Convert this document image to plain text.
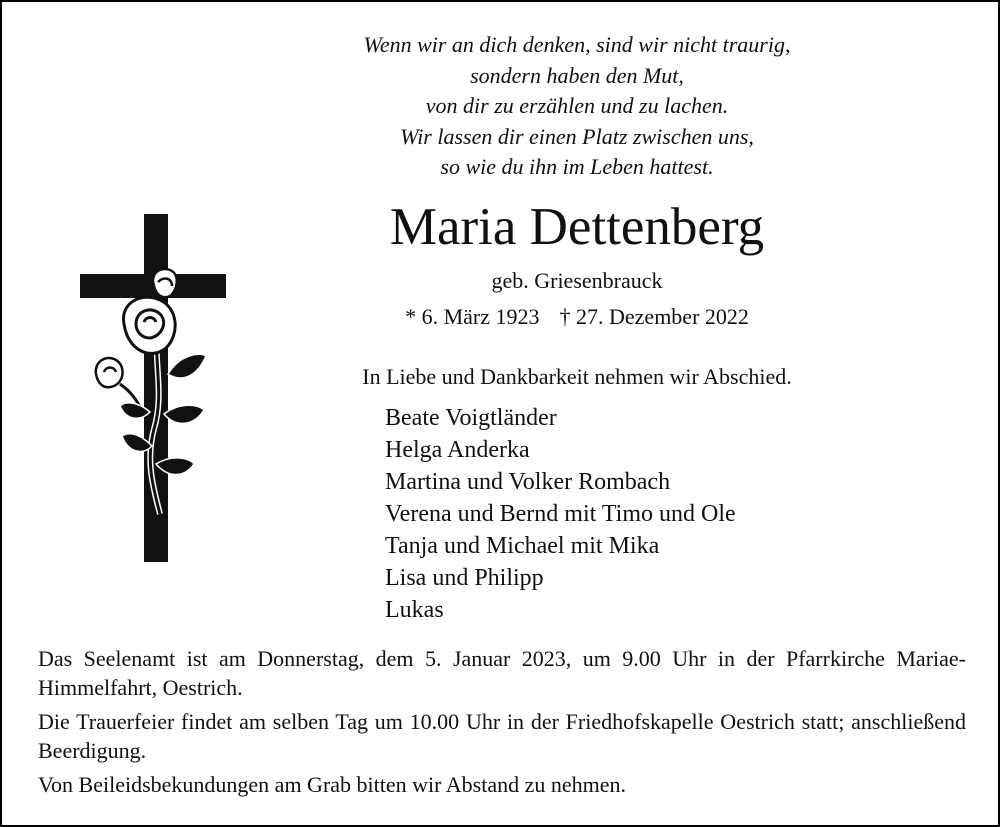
Wenn wir an dich denken, sind wir nicht traurig,
sondern haben den Mut,
von dir zu erzählen und zu lachen.
Wir lassen dir einen Platz zwischen uns,
so wie du ihn im Leben hattest.
Maria Dettenberg
geb. Griesenbrauck
* 6. März 1923 † 27. Dezember 2022
In Liebe und Dankbarkeit nehmen wir Abschied.
Beate Voigtländer
Helga Anderka
Martina und Volker Rombach
Verena und Bernd mit Timo und Ole
Tanja und Michael mit Mika
Lisa und Philipp
Lukas

Das Seelenamt ist am Donnerstag, dem 5. Januar 2023, um 9.00 Uhr in der Pfarrkirche Mariae-Himmelfahrt, Oestrich.

Die Trauerfeier findet am selben Tag um 10.00 Uhr in der Friedhofskapelle Oestrich statt; anschließend Beerdigung.

Von Beileidsbekundungen am Grab bitten wir Abstand zu nehmen.
